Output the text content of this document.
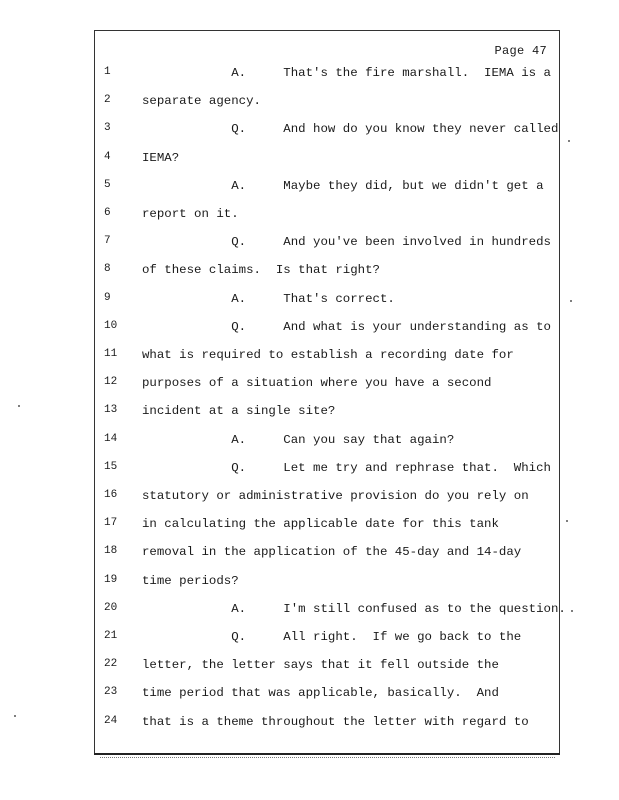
Page 47
1	A.     That's the fire marshall.  IEMA is a
2	separate agency.
3	Q.     And how do you know they never called
4	IEMA?
5	A.     Maybe they did, but we didn't get a
6	report on it.
7	Q.     And you've been involved in hundreds
8	of these claims.  Is that right?
9	A.     That's correct.
10	Q.     And what is your understanding as to
11	what is required to establish a recording date for
12	purposes of a situation where you have a second
13	incident at a single site?
14	A.     Can you say that again?
15	Q.     Let me try and rephrase that.  Which
16	statutory or administrative provision do you rely on
17	in calculating the applicable date for this tank
18	removal in the application of the 45-day and 14-day
19	time periods?
20	A.     I'm still confused as to the question.
21	Q.     All right.  If we go back to the
22	letter, the letter says that it fell outside the
23	time period that was applicable, basically.  And
24	that is a theme throughout the letter with regard to
